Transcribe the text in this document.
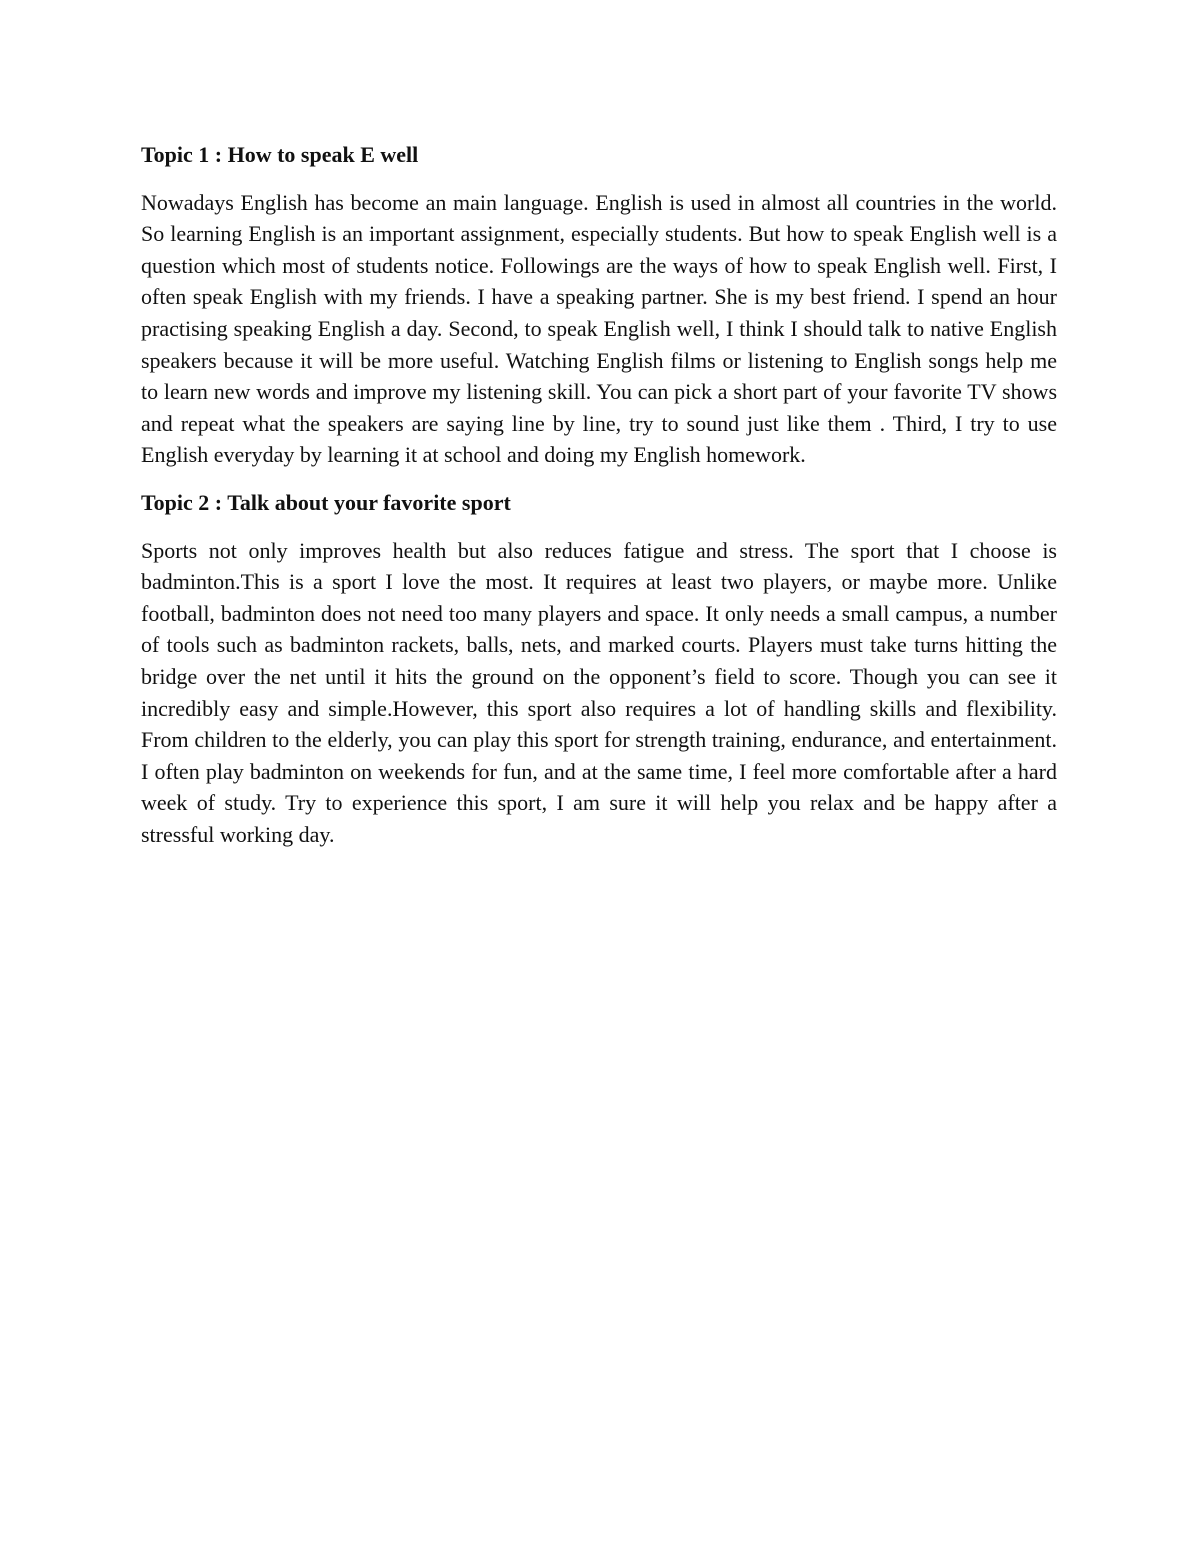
Topic 1 : How to speak E well
Nowadays English has become an main language. English is used in almost all countries in the world. So learning English is an important assignment, especially students. But how to speak English well is a question which most of students notice. Followings are the ways of how to speak English well. First, I often speak English with my friends. I have a speaking partner. She is my best friend. I spend an hour practising speaking English a day. Second, to speak English well, I think I should talk to native English speakers because it will be more useful. Watching English films or listening to English songs help me to learn new words and improve my listening skill. You can pick a short part of your favorite TV shows and repeat what the speakers are saying line by line, try to sound just like them . Third, I try to use English everyday by learning it at school and doing my English homework.
Topic 2 : Talk about your favorite sport
Sports not only improves health but also reduces fatigue and stress. The sport that I choose is badminton.This is a sport I love the most. It requires at least two players, or maybe more. Unlike football, badminton does not need too many players and space. It only needs a small campus, a number of tools such as badminton rackets, balls, nets, and marked courts. Players must take turns hitting the bridge over the net until it hits the ground on the opponent’s field to score. Though you can see it incredibly easy and simple.However, this sport also requires a lot of handling skills and flexibility. From children to the elderly, you can play this sport for strength training, endurance, and entertainment. I often play badminton on weekends for fun, and at the same time, I feel more comfortable after a hard week of study. Try to experience this sport, I am sure it will help you relax and be happy after a stressful working day.
